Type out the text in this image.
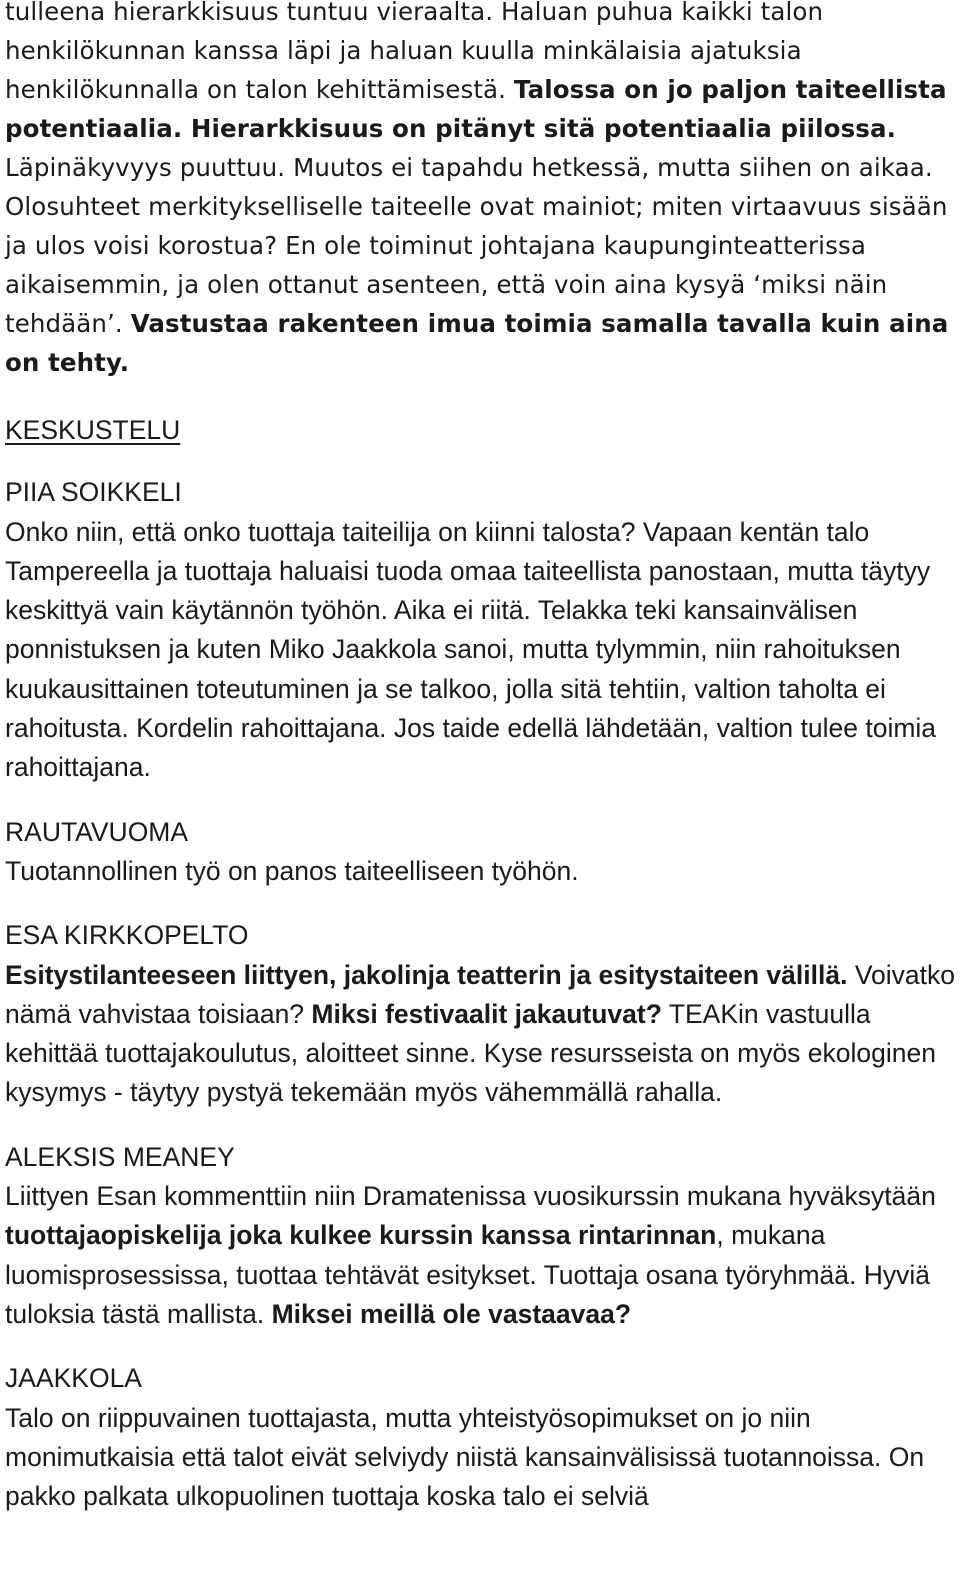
tulleena hierarkkisuus tuntuu vieraalta. Haluan puhua kaikki talon henkilökunnan kanssa läpi ja haluan kuulla minkälaisia ajatuksia henkilökunnalla on talon kehittämisestä. Talossa on jo paljon taiteellista potentiaalia. Hierarkkisuus on pitänyt sitä potentiaalia piilossa. Läpinäkyvyys puuttuu. Muutos ei tapahdu hetkessä, mutta siihen on aikaa. Olosuhteet merkitykselliselle taiteelle ovat mainiot; miten virtaavuus sisään ja ulos voisi korostua? En ole toiminut johtajana kaupunginteatterissa aikaisemmin, ja olen ottanut asenteen, että voin aina kysyä ‘miksi näin tehdään’. Vastustaa rakenteen imua toimia samalla tavalla kuin aina on tehty.

KESKUSTELU

PIIA SOIKKELI

Onko niin, että onko tuottaja taiteilija on kiinni talosta? Vapaan kentän talo Tampereella ja tuottaja haluaisi tuoda omaa taiteellista panostaan, mutta täytyy keskittyä vain käytännön työhön. Aika ei riitä. Telakka teki kansainvälisen ponnistuksen ja kuten Miko Jaakkola sanoi, mutta tylymmin, niin rahoituksen kuukausittainen toteutuminen ja se talkoo, jolla sitä tehtiin, valtion taholta ei rahoitusta. Kordelin rahoittajana. Jos taide edellä lähdetään, valtion tulee toimia rahoittajana.

RAUTAVUOMA

Tuotannollinen työ on panos taiteelliseen työhön.

ESA KIRKKOPELTO

Esitystilanteeseen liittyen, jakolinja teatterin ja esitystaiteen välillä. Voivatko nämä vahvistaa toisiaan? Miksi festivaalit jakautuvat? TEAKin vastuulla kehittää tuottajakoulutus, aloitteet sinne. Kyse resursseista on myös ekologinen kysymys - täytyy pystyä tekemään myös vähemmällä rahalla.

ALEKSIS MEANEY

Liittyen Esan kommenttiin niin Dramatenissa vuosikurssin mukana hyväksytään tuottajaopiskelija joka kulkee kurssin kanssa rintarinnan, mukana luomisprosessissa, tuottaa tehtävät esitykset. Tuottaja osana työryhmää. Hyviä tuloksia tästä mallista. Miksei meillä ole vastaavaa?

JAAKKOLA

Talo on riippuvainen tuottajasta, mutta yhteistyösopimukset on jo niin monimutkaisia että talot eivät selviydy niistä kansainvälisissä tuotannoissa. On pakko palkata ulkopuolinen tuottaja koska talo ei selviä
